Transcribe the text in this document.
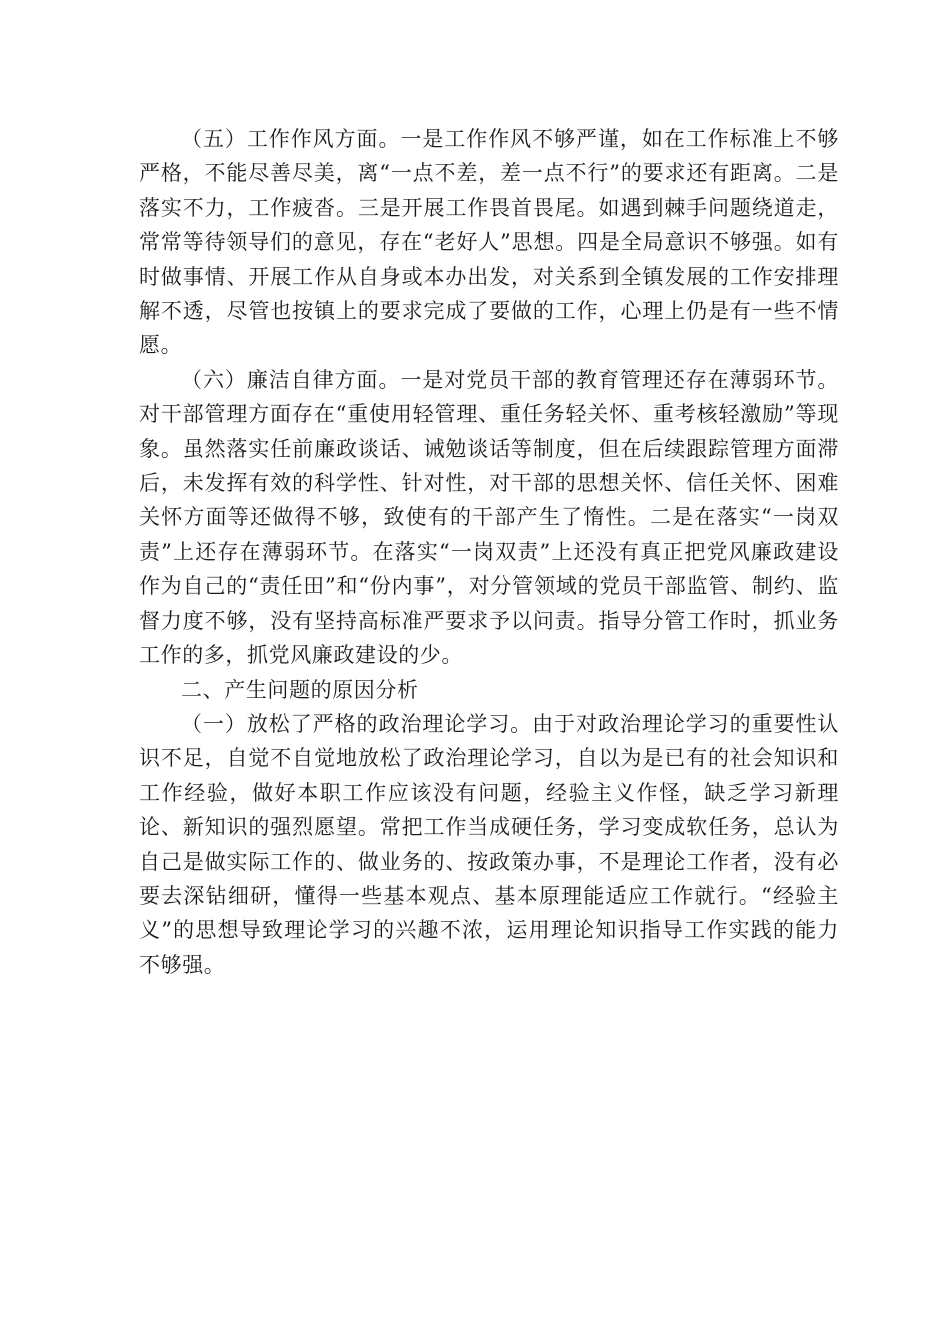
（五）工作作风方面。一是工作作风不够严谨，如在工作标准上不够严格，不能尽善尽美，离“一点不差，差一点不行”的要求还有距离。二是落实不力，工作疲沓。三是开展工作畏首畏尾。如遇到棘手问题绕道走，常常等待领导们的意见，存在“老好人”思想。四是全局意识不够强。如有时做事情、开展工作从自身或本办出发，对关系到全镇发展的工作安排理解不透，尽管也按镇上的要求完成了要做的工作，心理上仍是有一些不情愿。

（六）廉洁自律方面。一是对党员干部的教育管理还存在薄弱环节。对干部管理方面存在“重使用轻管理、重任务轻关怀、重考核轻激励”等现象。虽然落实任前廉政谈话、诫勉谈话等制度，但在后续跟踪管理方面滞后，未发挥有效的科学性、针对性，对干部的思想关怀、信任关怀、困难关怀方面等还做得不够，致使有的干部产生了惰性。二是在落实“一岗双责”上还存在薄弱环节。在落实“一岗双责”上还没有真正把党风廉政建设作为自己的“责任田”和“份内事”，对分管领域的党员干部监管、制约、监督力度不够，没有坚持高标准严要求予以问责。指导分管工作时，抓业务工作的多，抓党风廉政建设的少。

二、产生问题的原因分析

（一）放松了严格的政治理论学习。由于对政治理论学习的重要性认识不足，自觉不自觉地放松了政治理论学习，自以为是已有的社会知识和工作经验，做好本职工作应该没有问题，经验主义作怪，缺乏学习新理论、新知识的强烈愿望。常把工作当成硬任务，学习变成软任务，总认为自己是做实际工作的、做业务的、按政策办事，不是理论工作者，没有必要去深钻细研，懂得一些基本观点、基本原理能适应工作就行。“经验主义”的思想导致理论学习的兴趣不浓，运用理论知识指导工作实践的能力不够强。
